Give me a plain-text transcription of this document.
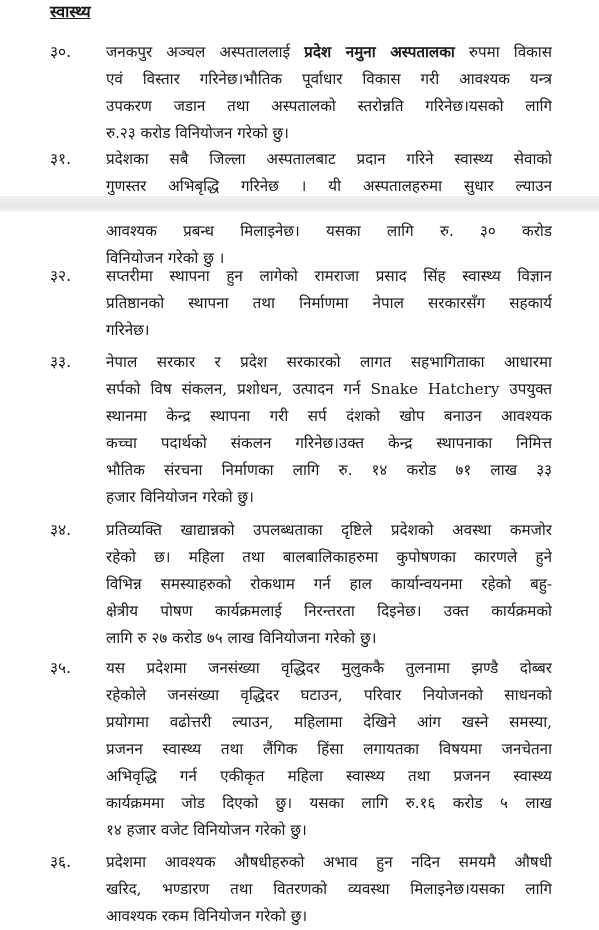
स्वास्थ्य
३०. जनकपुर अञ्चल अस्पताललाई प्रदेश नमुना अस्पतालका रुपमा विकास
एवं विस्तार गरिनेछ।भौतिक पूर्वाधार विकास गरी आवश्यक यन्त्र
उपकरण जडान तथा अस्पतालको स्तरोन्नति गरिनेछ।यसको लागि
रु.२३ करोड विनियोजन गरेको छु।
३१. प्रदेशका सबै जिल्ला अस्पतालबाट प्रदान गरिने स्वास्थ्य सेवाको
गुणस्तर अभिबृद्धि गरिनेछ । यी अस्पतालहरुमा सुधार ल्याउन
आवश्यक प्रबन्ध मिलाइनेछ। यसका लागि रु. ३० करोड
विनियोजन गरेको छु ।
३२. सप्तरीमा स्थापना हुन लागेको रामराजा प्रसाद सिंह स्वास्थ्य विज्ञान
प्रतिष्ठानको स्थापना तथा निर्माणमा नेपाल सरकारसँग सहकार्य
गरिनेछ।
३३. नेपाल सरकार र प्रदेश सरकारको लागत सहभागिताका आधारमा
सर्पको विष संकलन, प्रशोधन, उत्पादन गर्न Snake Hatchery उपयुक्त
स्थानमा केन्द्र स्थापना गरी सर्प दंशको खोप बनाउन आवश्यक
कच्चा पदार्थको संकलन गरिनेछ।उक्त केन्द्र स्थापनाका निमित्त
भौतिक संरचना निर्माणका लागि रु. १४ करोड ७१ लाख ३३
हजार विनियोजन गरेको छु।
३४. प्रतिव्यक्ति खाद्यान्नको उपलब्धताका दृष्टिले प्रदेशको अवस्था कमजोर
रहेको छ। महिला तथा बालबालिकाहरुमा कुपोषणका कारणले हुने
विभिन्न समस्याहरुको रोकथाम गर्न हाल कार्यान्वयनमा रहेको बहु-
क्षेत्रीय पोषण कार्यक्रमलाई निरन्तरता दिइनेछ। उक्त कार्यक्रमको
लागि रु २७ करोड ७५ लाख विनियोजना गरेको छु।
३५. यस प्रदेशमा जनसंख्या वृद्धिदर मुलुककै तुलनामा झण्डै दोब्बर
रहेकोले जनसंख्या वृद्धिदर घटाउन, परिवार नियोजनको साधनको
प्रयोगमा वढोत्तरी ल्याउन, महिलामा देखिने आंग खस्ने समस्या,
प्रजनन स्वास्थ्य तथा लैंगिक हिंसा लगायतका विषयमा जनचेतना
अभिवृद्धि गर्न एकीकृत महिला स्वास्थ्य तथा प्रजनन स्वास्थ्य
कार्यक्रममा जोड दिएको छु। यसका लागि रु.१६ करोड ५ लाख
१४ हजार वजेट विनियोजन गरेको छु।
३६. प्रदेशमा आवश्यक औषधीहरुको अभाव हुन नदिन समयमै औषधी
खरिद, भण्डारण तथा वितरणको व्यवस्था मिलाइनेछ।यसका लागि
आवश्यक रकम विनियोजन गरेको छु।
